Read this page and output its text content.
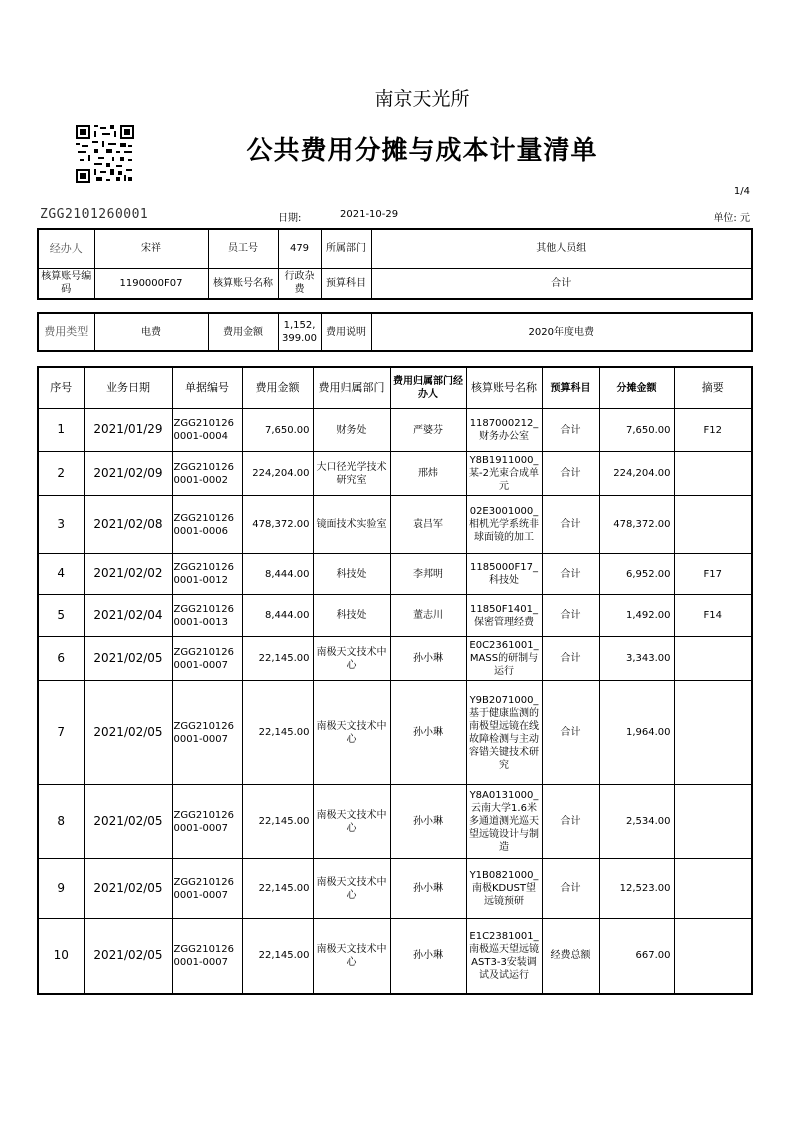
南京天光所
公共费用分摊与成本计量清单
1/4
ZGG2101260001	日期:	2021-10-29	单位: 元
经办人	宋祥	员工号	479	所属部门	其他人员组
核算账号编码	1190000F07	核算账号名称	行政杂费	预算科目	合计
费用类型	电费	费用金额	1,152,399.00	费用说明	2020年度电费
序号	业务日期	单据编号	费用金额	费用归属部门	费用归属部门经办人	核算账号名称	预算科目	分摊金额	摘要
1	2021/01/29	ZGG2101260001-0004	7,650.00	财务处	严婆芬	1187000212_财务办公室	合计	7,650.00	F12
2	2021/02/09	ZGG2101260001-0002	224,204.00	大口径光学技术研究室	邢炜	Y8B1911000_某-2光束合成单元	合计	224,204.00	
3	2021/02/08	ZGG2101260001-0006	478,372.00	镜面技术实验室	袁吕军	02E3001000_相机光学系统非球面镜的加工	合计	478,372.00	
4	2021/02/02	ZGG2101260001-0012	8,444.00	科技处	李邦明	1185000F17_科技处	合计	6,952.00	F17
5	2021/02/04	ZGG2101260001-0013	8,444.00	科技处	董志川	11850F1401_保密管理经费	合计	1,492.00	F14
6	2021/02/05	ZGG2101260001-0007	22,145.00	南极天文技术中心	孙小琳	E0C2361001_MASS的研制与运行	合计	3,343.00	
7	2021/02/05	ZGG2101260001-0007	22,145.00	南极天文技术中心	孙小琳	Y9B2071000_基于健康监测的南极望远镜在线故障检测与主动容错关键技术研究	合计	1,964.00	
8	2021/02/05	ZGG2101260001-0007	22,145.00	南极天文技术中心	孙小琳	Y8A0131000_云南大学1.6米多通道测光巡天望远镜设计与制造	合计	2,534.00	
9	2021/02/05	ZGG2101260001-0007	22,145.00	南极天文技术中心	孙小琳	Y1B0821000_南极KDUST望远镜预研	合计	12,523.00	
10	2021/02/05	ZGG2101260001-0007	22,145.00	南极天文技术中心	孙小琳	E1C2381001_南极巡天望远镜AST3-3安装调试及试运行	经费总额	667.00	
